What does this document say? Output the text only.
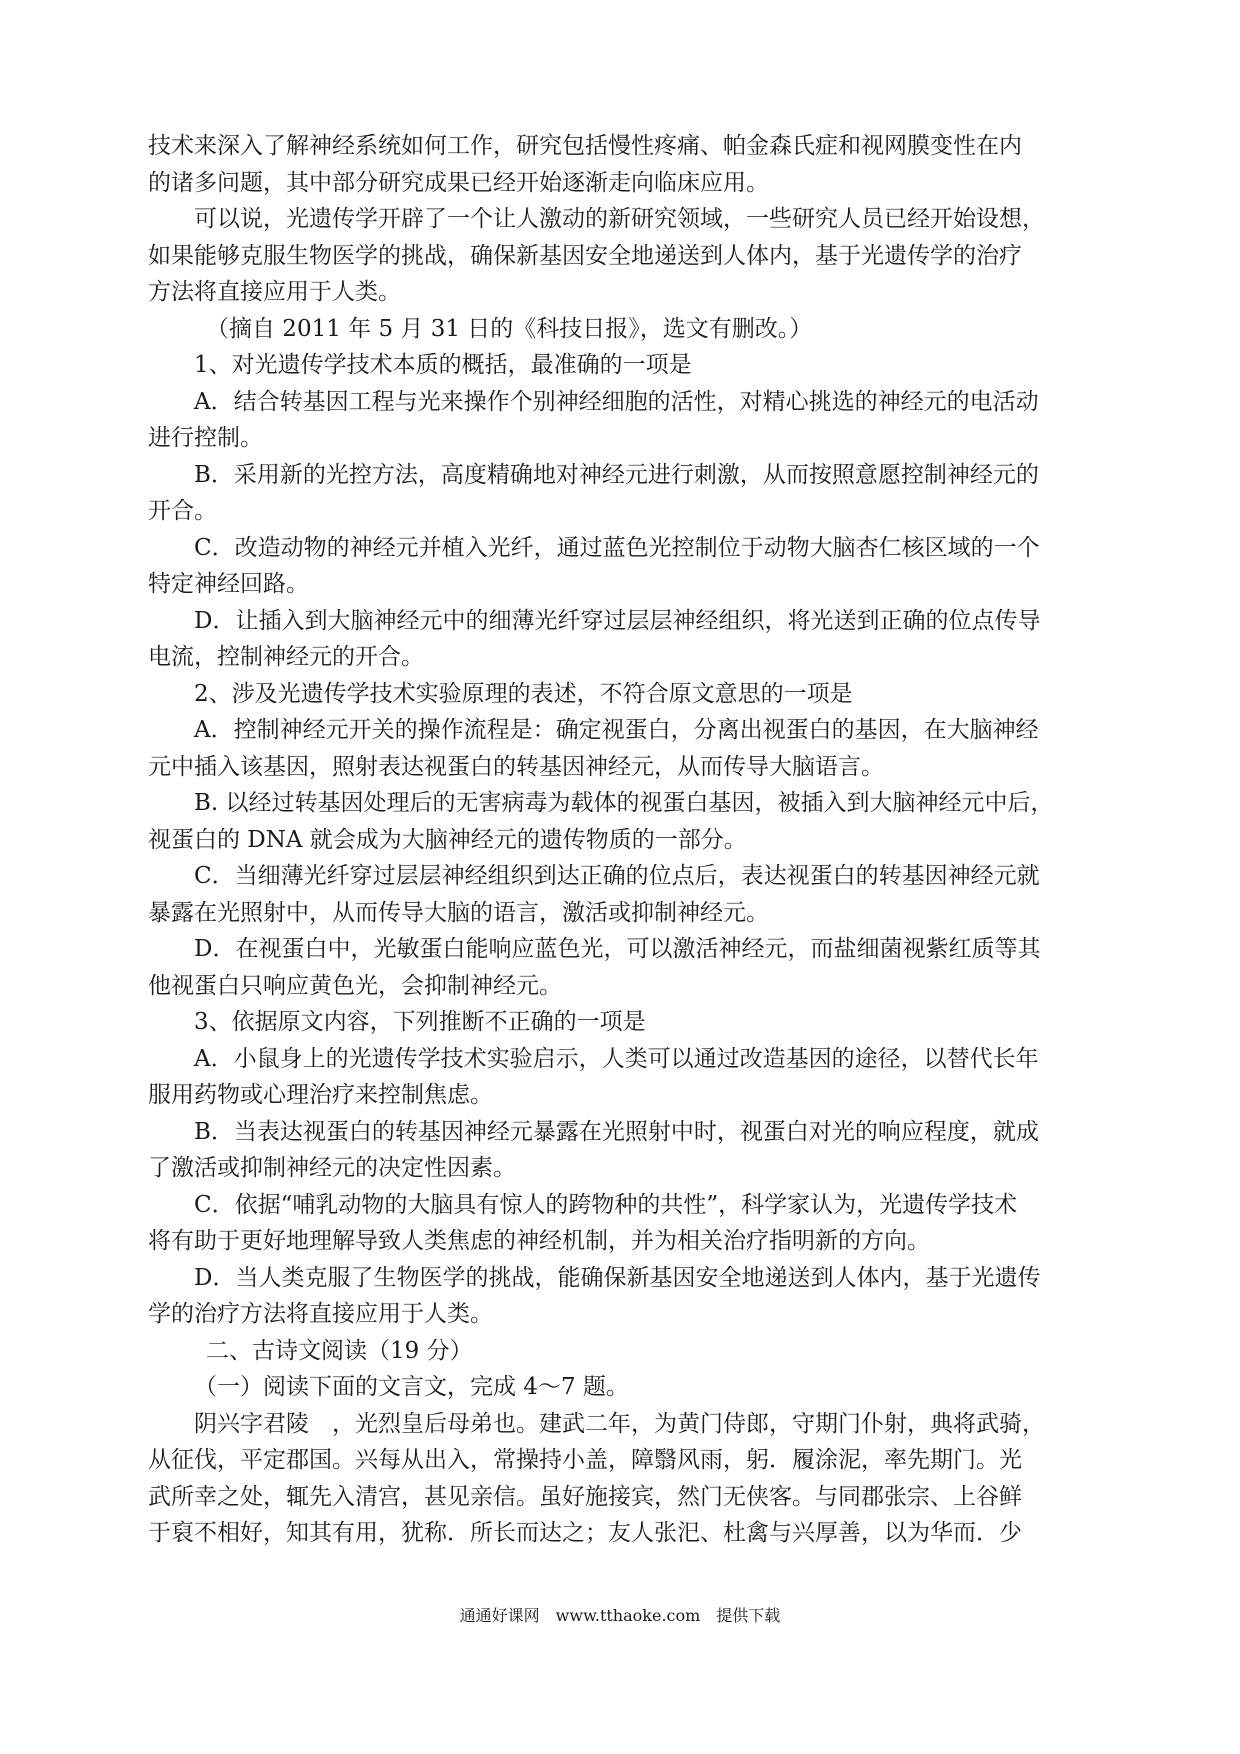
技术来深入了解神经系统如何工作，研究包括慢性疼痛、帕金森氏症和视网膜变性在内
的诸多问题，其中部分研究成果已经开始逐渐走向临床应用。
可以说，光遗传学开辟了一个让人激动的新研究领域，一些研究人员已经开始设想，
如果能够克服生物医学的挑战，确保新基因安全地递送到人体内，基于光遗传学的治疗
方法将直接应用于人类。
（摘自 2011 年 5 月 31 日的《科技日报》，选文有删改。）
1、对光遗传学技术本质的概括，最准确的一项是
A．结合转基因工程与光来操作个别神经细胞的活性，对精心挑选的神经元的电活动
进行控制。
B．采用新的光控方法，高度精确地对神经元进行刺激，从而按照意愿控制神经元的
开合。
C．改造动物的神经元并植入光纤，通过蓝色光控制位于动物大脑杏仁核区域的一个
特定神经回路。
D．让插入到大脑神经元中的细薄光纤穿过层层神经组织，将光送到正确的位点传导
电流，控制神经元的开合。
2、涉及光遗传学技术实验原理的表述，不符合原文意思的一项是
A．控制神经元开关的操作流程是：确定视蛋白，分离出视蛋白的基因，在大脑神经
元中插入该基因，照射表达视蛋白的转基因神经元，从而传导大脑语言。
B. 以经过转基因处理后的无害病毒为载体的视蛋白基因，被插入到大脑神经元中后，
视蛋白的 DNA 就会成为大脑神经元的遗传物质的一部分。
C．当细薄光纤穿过层层神经组织到达正确的位点后，表达视蛋白的转基因神经元就
暴露在光照射中，从而传导大脑的语言，激活或抑制神经元。
D．在视蛋白中，光敏蛋白能响应蓝色光，可以激活神经元，而盐细菌视紫红质等其
他视蛋白只响应黄色光，会抑制神经元。
3、依据原文内容，下列推断不正确的一项是
A．小鼠身上的光遗传学技术实验启示，人类可以通过改造基因的途径，以替代长年
服用药物或心理治疗来控制焦虑。
B．当表达视蛋白的转基因神经元暴露在光照射中时，视蛋白对光的响应程度，就成
了激活或抑制神经元的决定性因素。
C．依据“哺乳动物的大脑具有惊人的跨物种的共性”，科学家认为，光遗传学技术
将有助于更好地理解导致人类焦虑的神经机制，并为相关治疗指明新的方向。
D．当人类克服了生物医学的挑战，能确保新基因安全地递送到人体内，基于光遗传
学的治疗方法将直接应用于人类。
二、古诗文阅读（19 分）
（一）阅读下面的文言文，完成 4～7 题。
阴兴字君陵　，光烈皇后母弟也。建武二年，为黄门侍郎，守期门仆射，典将武骑，
从征伐，平定郡国。兴每从出入，常操持小盖，障翳风雨，躬．履涂泥，率先期门。光
武所幸之处，辄先入清宫，甚见亲信。虽好施接宾，然门无侠客。与同郡张宗、上谷鲜
于裒不相好，知其有用，犹称．所长而达之；友人张汜、杜禽与兴厚善，以为华而．少
通通好课网　www.tthaoke.com　提供下载
